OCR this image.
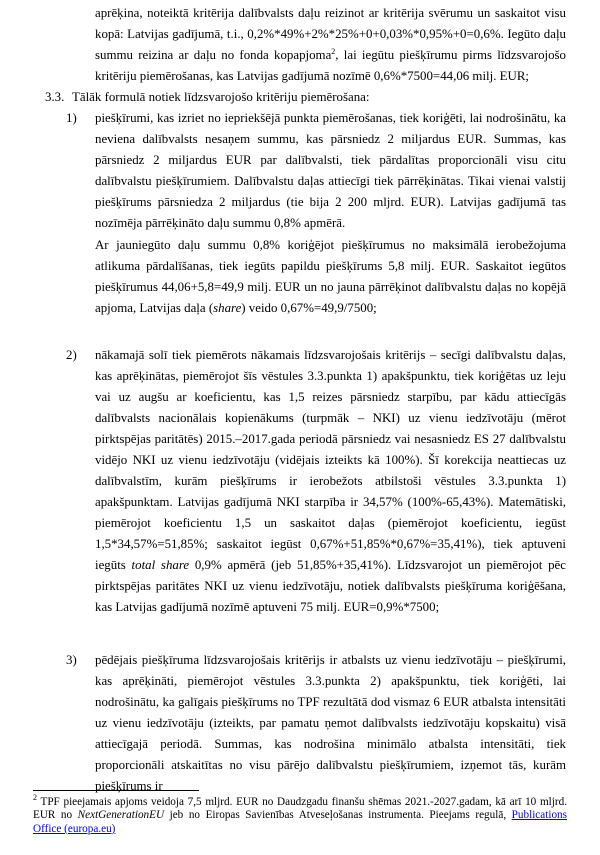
aprēķina, noteiktā kritērija dalībvalsts daļu reizinot ar kritērija svērumu un saskaitot visu kopā: Latvijas gadījumā, t.i., 0,2%*49%+2%*25%+0+0,03%*0,95%+0=0,6%. Iegūto daļu summu reizina ar daļu no fonda kopapjoma$^2$, lai iegūtu piešķīrumu pirms līdzsvarojošo kritēriju piemērošanas, kas Latvijas gadījumā nozīmē 0,6%*7500=44,06 milj. EUR;
3.3. Tālāk formulā notiek līdzsvarojošo kritēriju piemērošana:
1) piešķīrumi, kas izriet no iepriekšējā punkta piemērošanas, tiek koriģēti, lai nodrošinātu, ka neviena dalībvalsts nesaņem summu, kas pārsniedz 2 miljardus EUR. Summas, kas pārsniedz 2 miljardus EUR par dalībvalsti, tiek pārdalītas proporcionāli visu citu dalībvalstu piešķīrumiem. Dalībvalstu daļas attiecīgi tiek pārrēķinātas. Tikai vienai valstij piešķīrums pārsniedza 2 miljardus (tie bija 2 200 mljrd. EUR). Latvijas gadījumā tas nozīmēja pārrēķināto daļu summu 0,8% apmērā.
Ar jauniegūto daļu summu 0,8% koriģējot piešķīrumus no maksimālā ierobežojuma atlikuma pārdalīšanas, tiek iegūts papildu piešķīrums 5,8 milj. EUR. Saskaitot iegūtos piešķīrumus 44,06+5,8=49,9 milj. EUR un no jauna pārrēķinot dalībvalstu daļas no kopējā apjoma, Latvijas daļa (share) veido 0,67%=49,9/7500;
2) nākamajā solī tiek piemērots nākamais līdzsvarojošais kritērijs – secīgi dalībvalstu daļas, kas aprēķinātas, piemērojot šīs vēstules 3.3.punkta 1) apakšpunktu, tiek koriģētas uz leju vai uz augšu ar koeficientu, kas 1,5 reizes pārsniedz starpību, par kādu attiecīgās dalībvalsts nacionālais kopienākums (turpmāk – NKI) uz vienu iedzīvotāju (mērot pirktspējas paritātēs) 2015.–2017.gada periodā pārsniedz vai nesasniedz ES 27 dalībvalstu vidējo NKI uz vienu iedzīvotāju (vidējais izteikts kā 100%). Šī korekcija neattiecas uz dalībvalstīm, kurām piešķīrums ir ierobežots atbilstoši vēstules 3.3.punkta 1) apakšpunktam. Latvijas gadījumā NKI starpība ir 34,57% (100%-65,43%). Matemātiski, piemērojot koeficientu 1,5 un saskaitot daļas (piemērojot koeficientu, iegūst 1,5*34,57%=51,85%; saskaitot iegūst 0,67%+51,85%*0,67%=35,41%), tiek aptuveni iegūts total share 0,9% apmērā (jeb 51,85%+35,41%). Līdzsvarojot un piemērojot pēc pirktspējas paritātes NKI uz vienu iedzīvotāju, notiek dalībvalsts piešķīruma koriģēšana, kas Latvijas gadījumā nozīmē aptuveni 75 milj. EUR=0,9%*7500;
3) pēdējais piešķīruma līdzsvarojošais kritērijs ir atbalsts uz vienu iedzīvotāju – piešķīrumi, kas aprēķināti, piemērojot vēstules 3.3.punkta 2) apakšpunktu, tiek koriģēti, lai nodrošinātu, ka galīgais piešķīrums no TPF rezultātā dod vismaz 6 EUR atbalsta intensitāti uz vienu iedzīvotāju (izteikts, par pamatu ņemot dalībvalsts iedzīvotāju kopskaitu) visā attiecīgajā periodā. Summas, kas nodrošina minimālo atbalsta intensitāti, tiek proporcionāli atskaitītas no visu pārējo dalībvalstu piešķīrumiem, izņemot tās, kurām piešķīrums ir
$^2$ TPF pieejamais apjoms veidoja 7,5 mljrd. EUR no Daudzgadu finanšu shēmas 2021.-2027.gadam, kā arī 10 mljrd. EUR no NextGenerationEU jeb no Eiropas Savienības Atveseļošanas instrumenta. Pieejams regulā, Publications Office (europa.eu)
